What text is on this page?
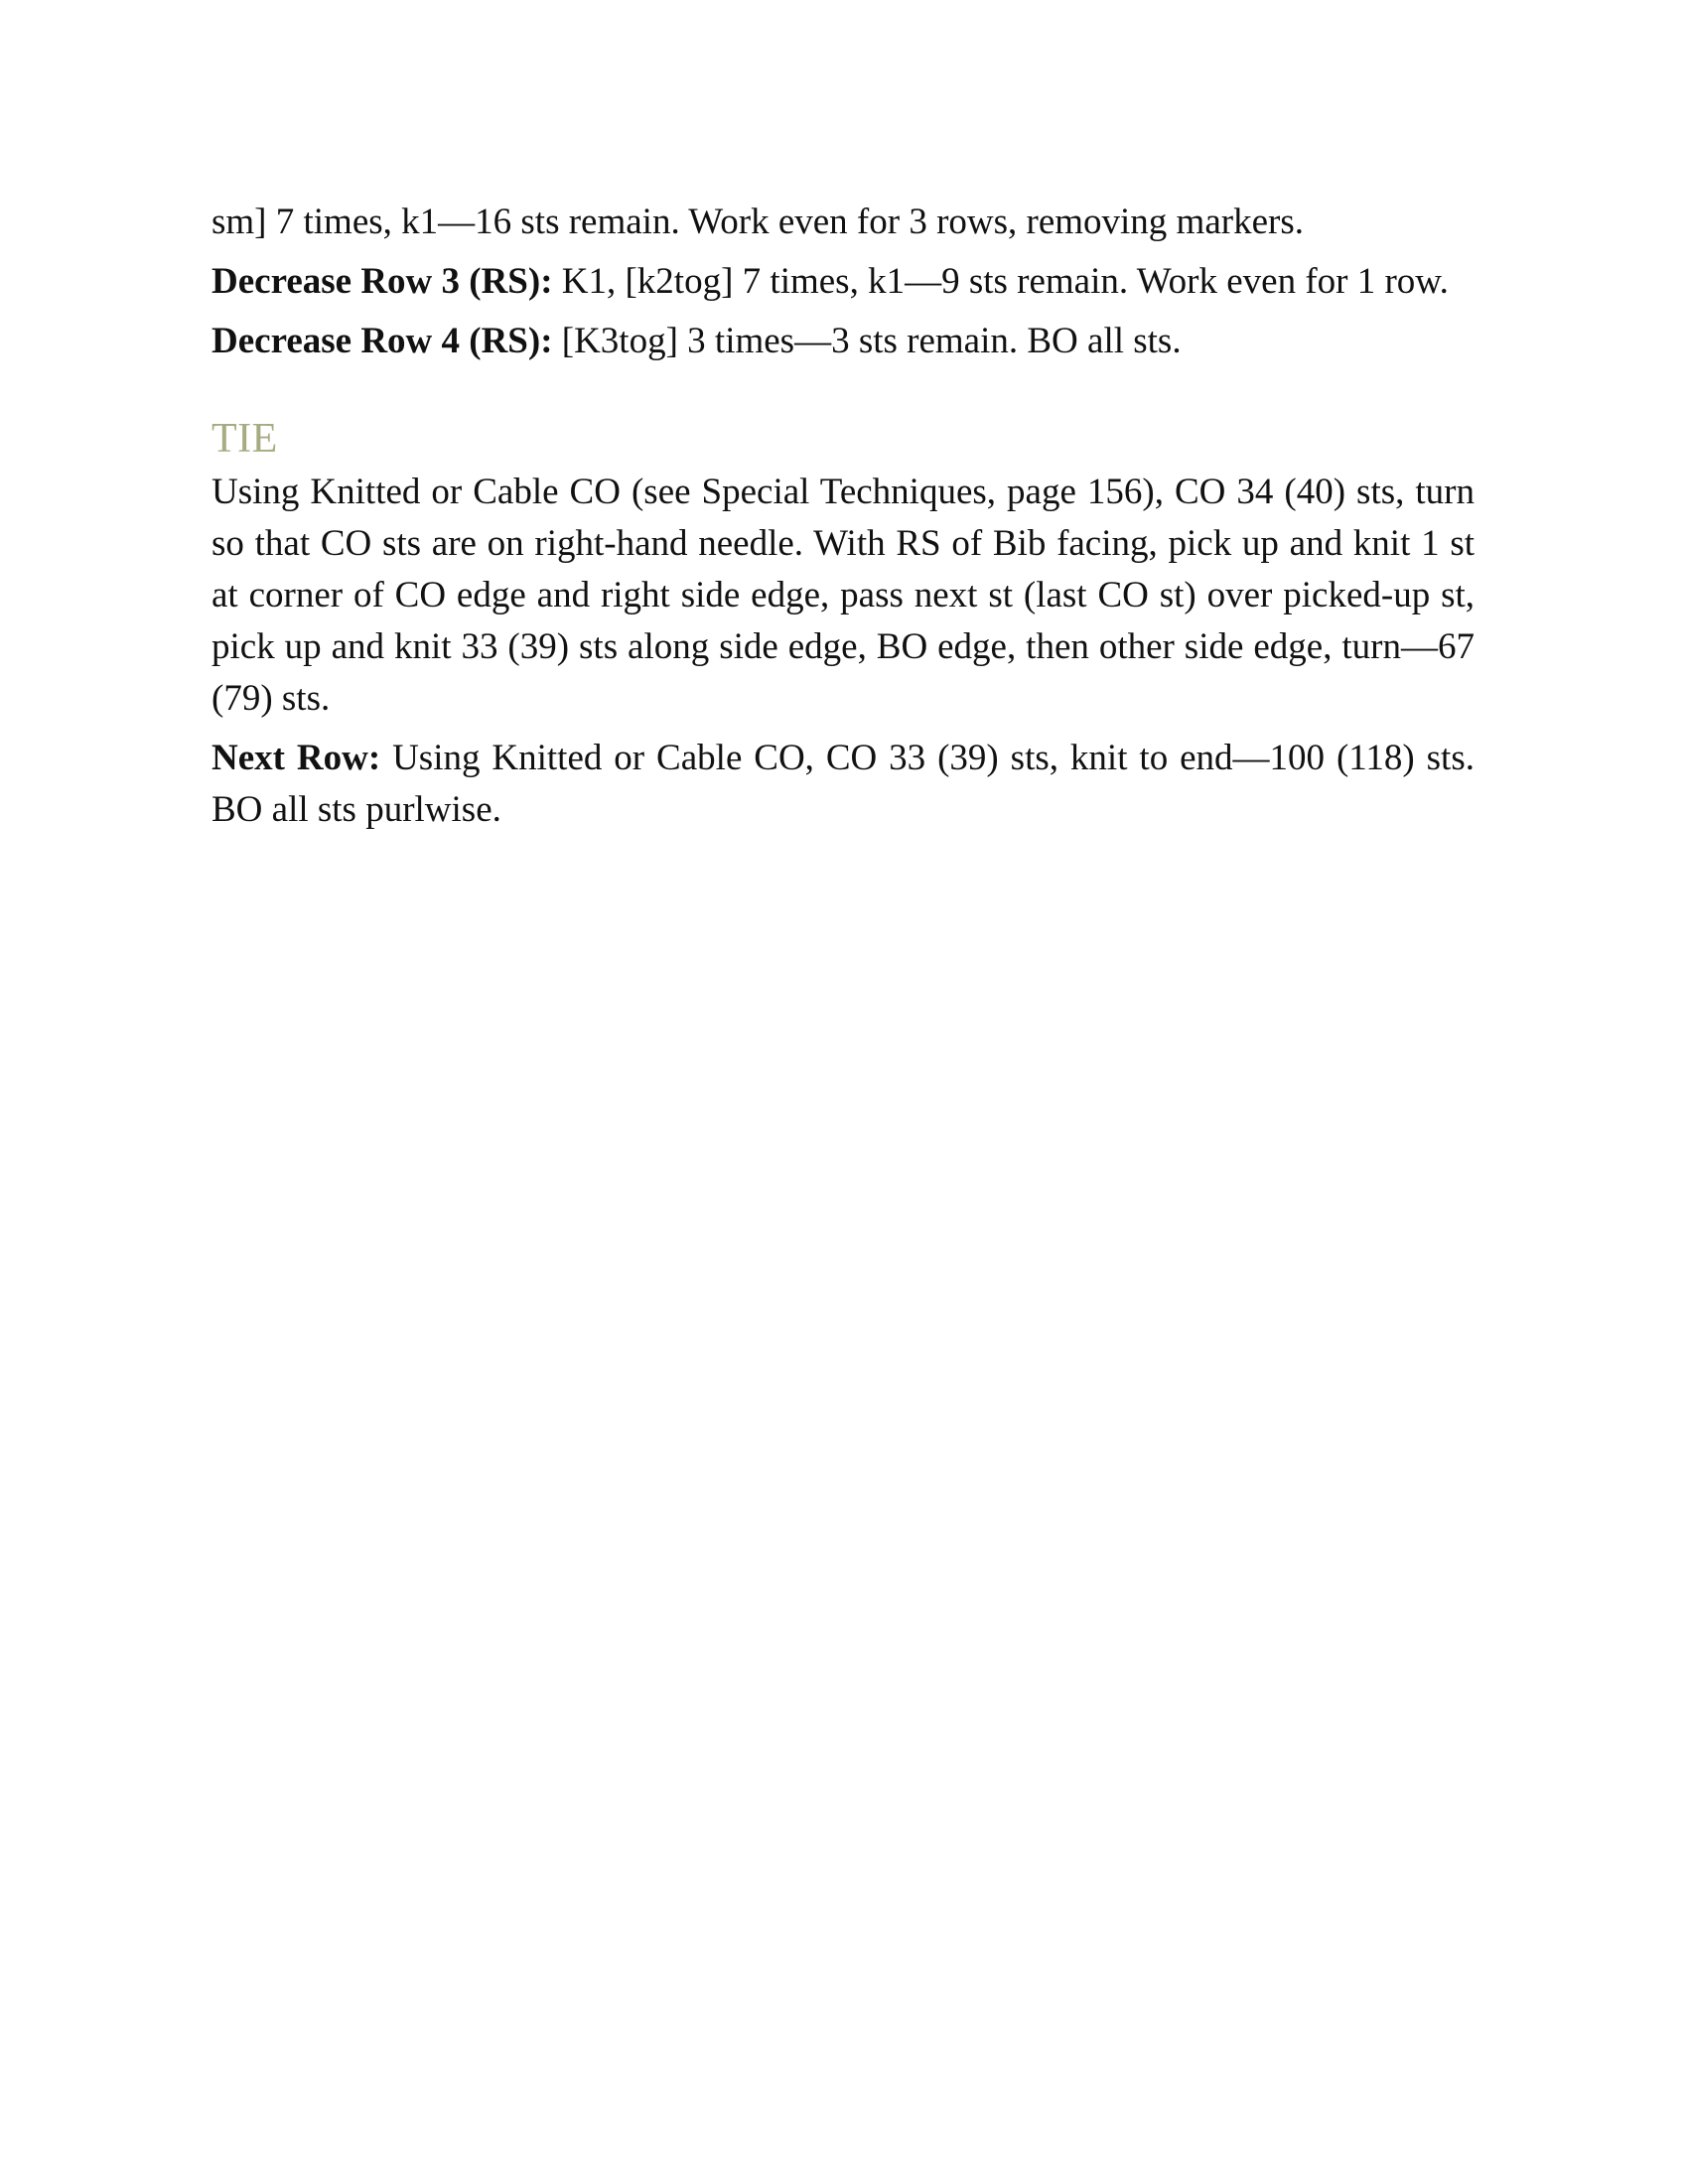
sm] 7 times, k1—16 sts remain. Work even for 3 rows, removing markers.

Decrease Row 3 (RS): K1, [k2tog] 7 times, k1—9 sts remain. Work even for 1 row.

Decrease Row 4 (RS): [K3tog] 3 times—3 sts remain. BO all sts.

TIE

Using Knitted or Cable CO (see Special Techniques, page 156), CO 34 (40) sts, turn so that CO sts are on right-hand needle. With RS of Bib facing, pick up and knit 1 st at corner of CO edge and right side edge, pass next st (last CO st) over picked-up st, pick up and knit 33 (39) sts along side edge, BO edge, then other side edge, turn—67 (79) sts.

Next Row: Using Knitted or Cable CO, CO 33 (39) sts, knit to end—100 (118) sts. BO all sts purlwise.
